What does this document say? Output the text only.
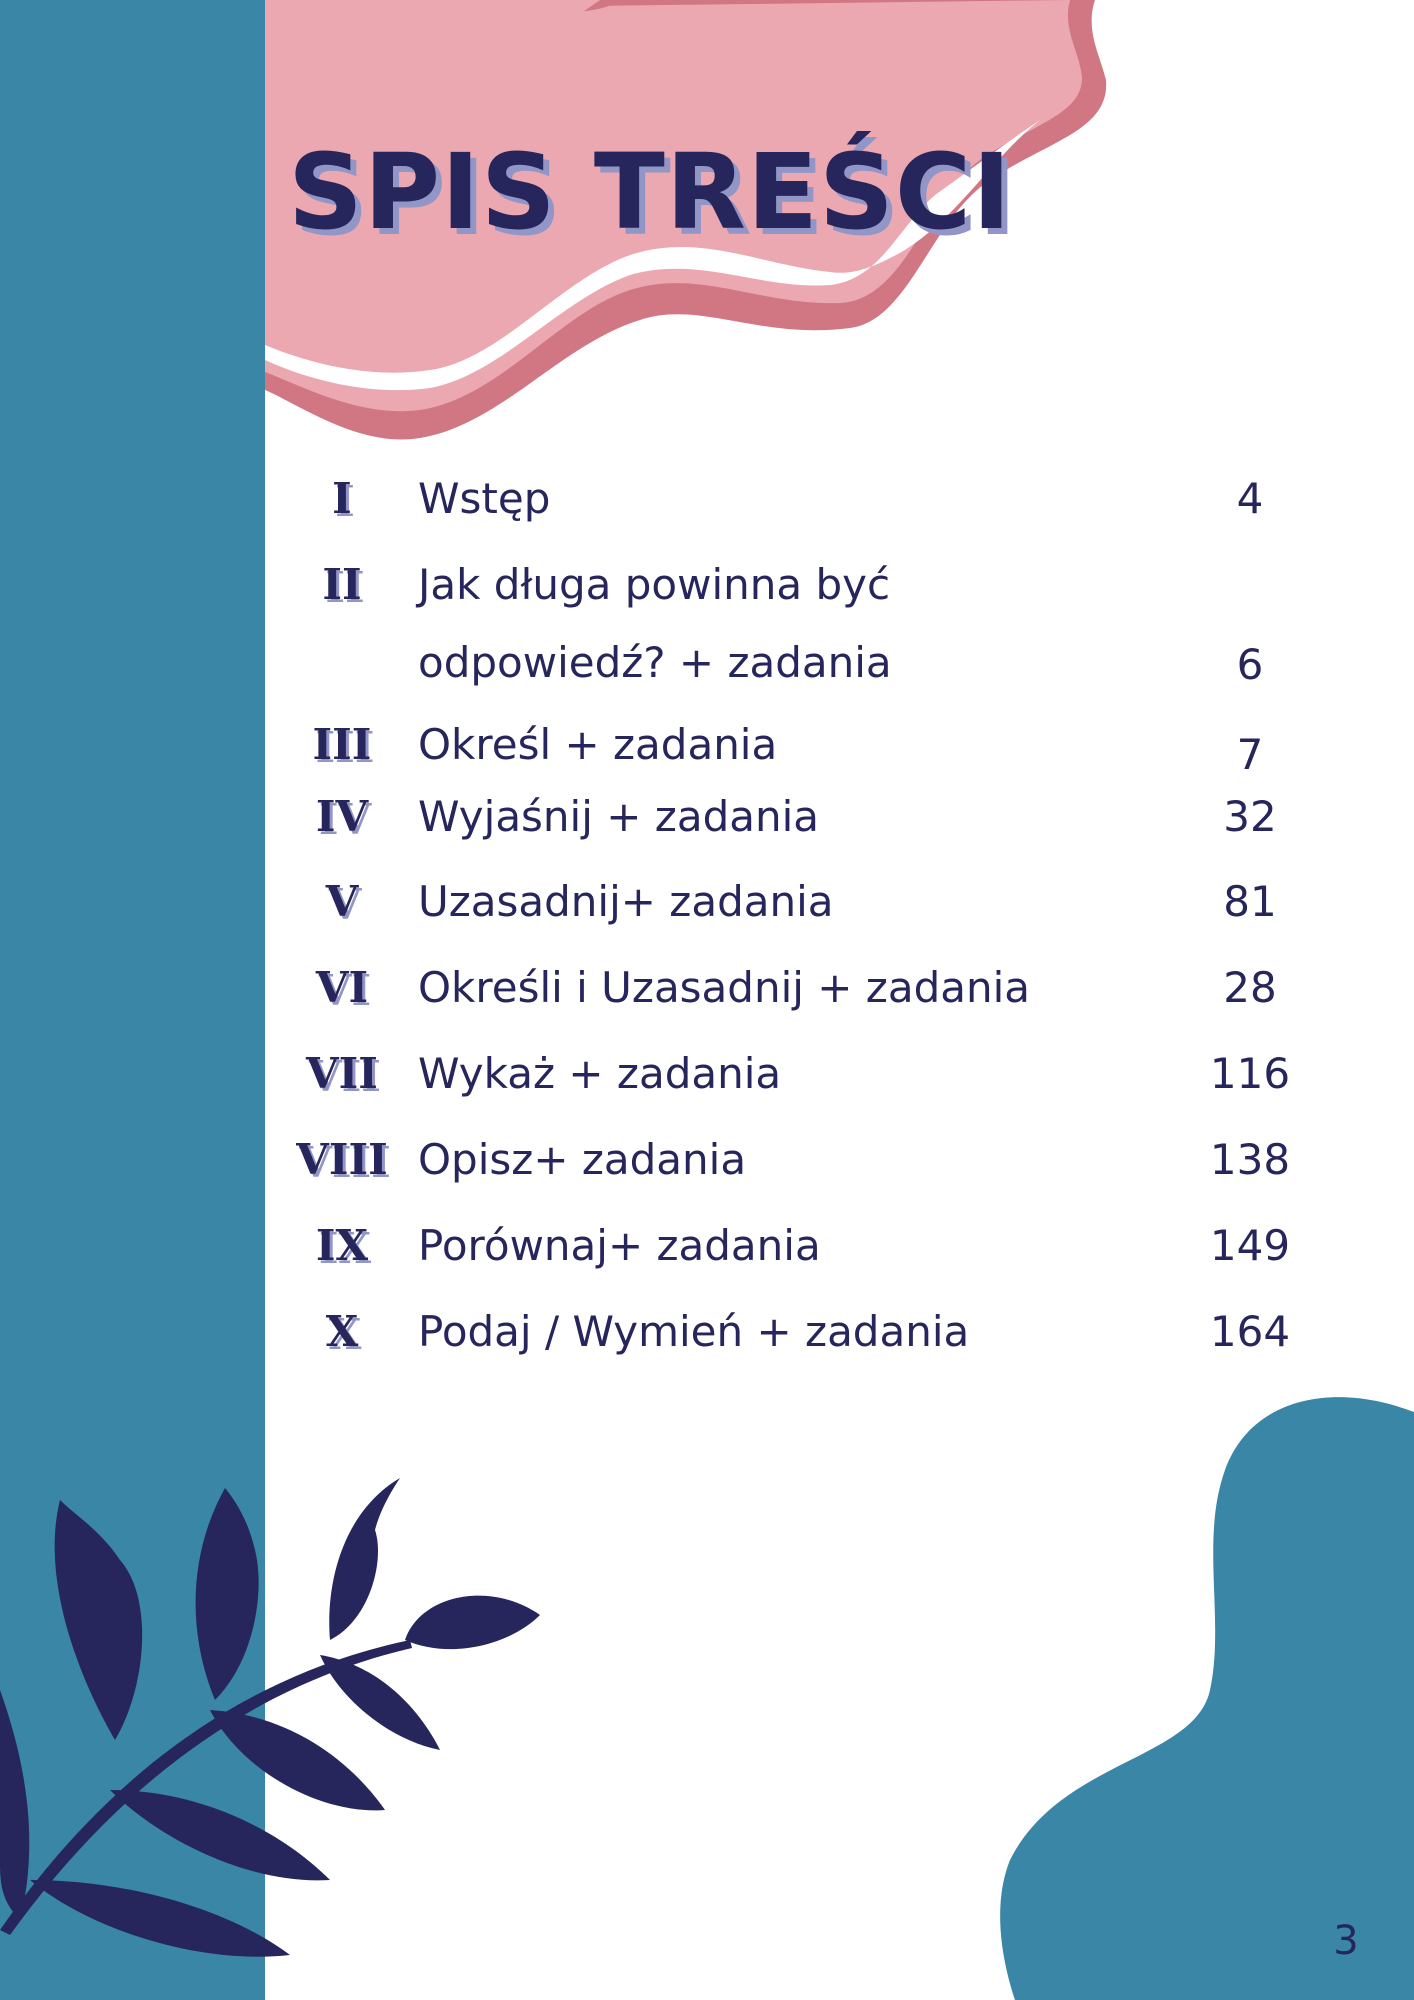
SPIS TREŚCI
I	Wstęp	4
II	Jak długa powinna być odpowiedź? + zadania	6
III	Określ + zadania	7
IV	Wyjaśnij + zadania	32
V	Uzasadnij+ zadania	81
VI	Określi i Uzasadnij + zadania	28
VII Wykaż + zadania	116
VIII Opisz+ zadania	138
IX	Porównaj+ zadania	149
X	Podaj / Wymień + zadania	164
3
